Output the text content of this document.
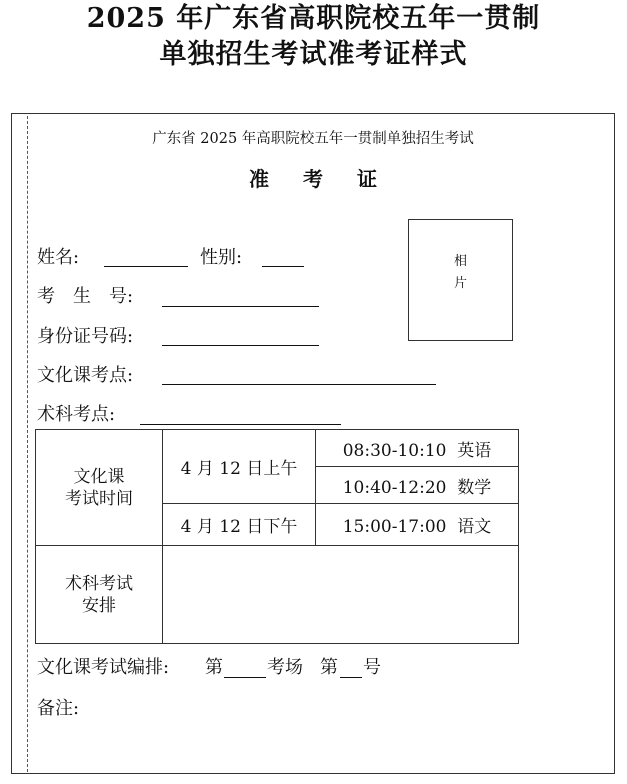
2025 年广东省高职院校五年一贯制
单独招生考试准考证样式
广东省 2025 年高职院校五年一贯制单独招生考试
准考证
相
片
姓名:	性别:
考　生　号:
身份证号码:
文化课考点:
术科考点:
文化课
考试时间	4 月 12 日上午	08:30-10:10 英语
		10:40-12:20 数学
	4 月 12 日下午	15:00-17:00 语文
术科考试
安排		
文化课考试编排: 第 考场 第 号
备注:
